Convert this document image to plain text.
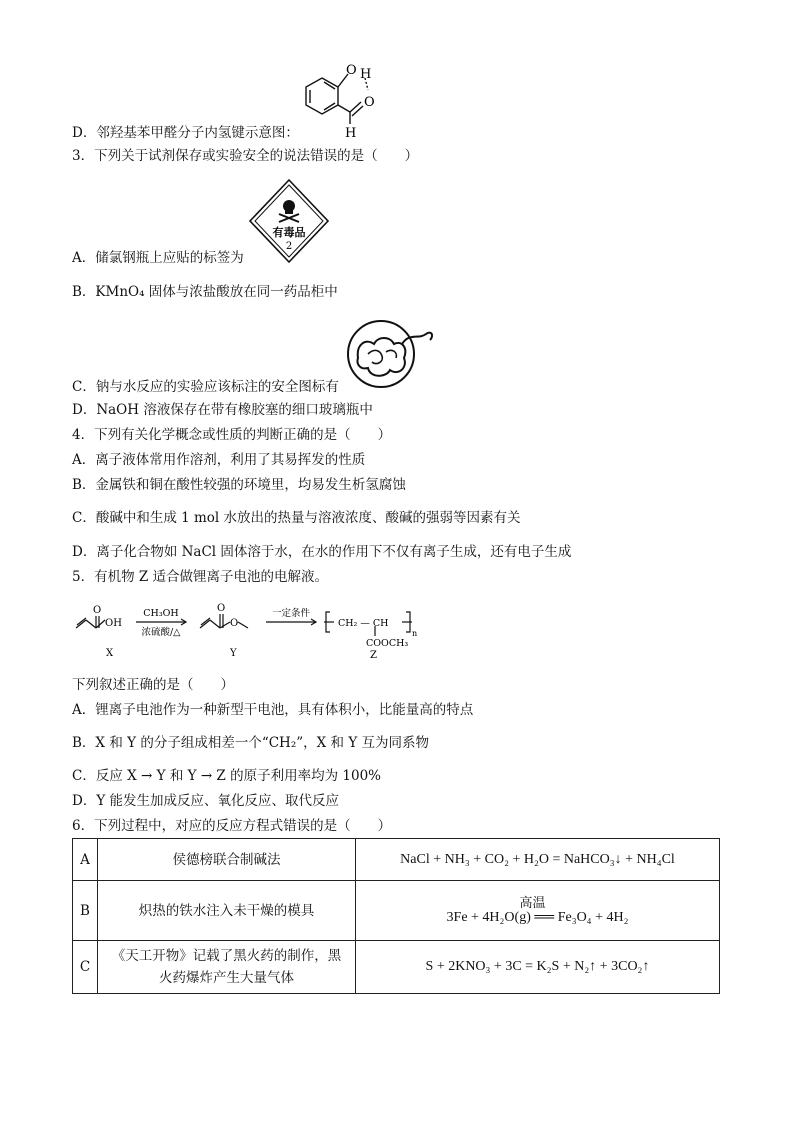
O H
O
H
D．邻羟基苯甲醛分子内氢键示意图：
3．下列关于试剂保存或实验安全的说法错误的是（　　）
有毒品
2
A．储氯钢瓶上应贴的标签为
B．KMnO₄ 固体与浓盐酸放在同一药品柜中
C．钠与水反应的实验应该标注的安全图标有
D．NaOH 溶液保存在带有橡胶塞的细口玻璃瓶中
4．下列有关化学概念或性质的判断正确的是（　　）
A．离子液体常用作溶剂，利用了其易挥发的性质
B．金属铁和铜在酸性较强的环境里，均易发生析氢腐蚀
C．酸碱中和生成 1 mol 水放出的热量与溶液浓度、酸碱的强弱等因素有关
D．离子化合物如 NaCl 固体溶于水，在水的作用下不仅有离子生成，还有电子生成
5．有机物 Z 适合做锂离子电池的电解液。
OH
O	O
O
CH₃OH
浓硫酸/△
一定条件
CH₂ — CH
COOCH₃
n
X	Y	Z
下列叙述正确的是（　　）
A．锂离子电池作为一种新型干电池，具有体积小，比能量高的特点
B．X 和 Y 的分子组成相差一个“CH₂”，X 和 Y 互为同系物
C．反应 X → Y 和 Y → Z 的原子利用率均为 100%
D．Y 能发生加成反应、氧化反应、取代反应
6．下列过程中，对应的反应方程式错误的是（　　）
A	侯德榜联合制碱法	NaCl + NH₃ + CO₂ + H₂O = NaHCO₃↓ + NH₄Cl
B	炽热的铁水注入未干燥的模具	高温
3Fe + 4H₂O(g) ══ Fe₃O₄ + 4H₂

C	《天工开物》记载了黑火药的制作，黑
火药爆炸产生大量气体	S + 2KNO₃ + 3C = K₂S + N₂↑ + 3CO₂↑
